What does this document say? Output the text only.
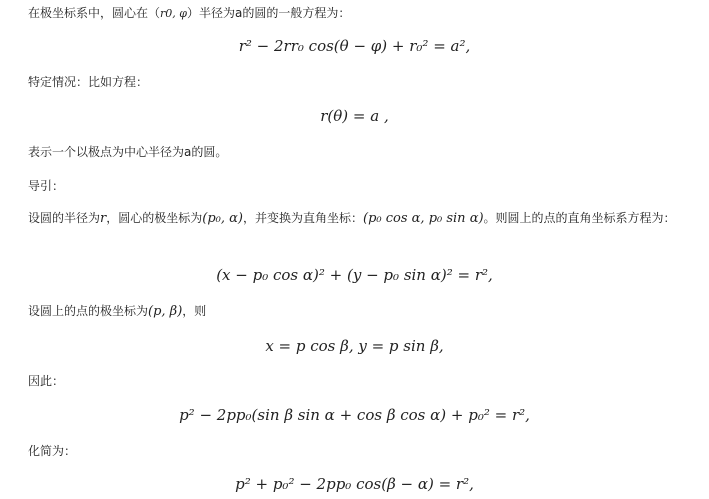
在极坐标系中，圆心在（r0, φ）半径为a的圆的一般方程为：
r² − 2rr₀ cos(θ − φ) + r₀² = a²,
特定情况：比如方程：
r(θ) = a ,
表示一个以极点为中心半径为a的圆。
导引：
设圆的半径为r，圆心的极坐标为(p₀, α)，并变换为直角坐标：(p₀ cos α, p₀ sin α)。则圆上的点的直角坐标系方程为：
(x − p₀ cos α)² + (y − p₀ sin α)² = r²,
设圆上的点的极坐标为(p, β)，则
x = p cos β, y = p sin β,
因此：
p² − 2pp₀(sin β sin α + cos β cos α) + p₀² = r²,
化简为：
p² + p₀² − 2pp₀ cos(β − α) = r²,
